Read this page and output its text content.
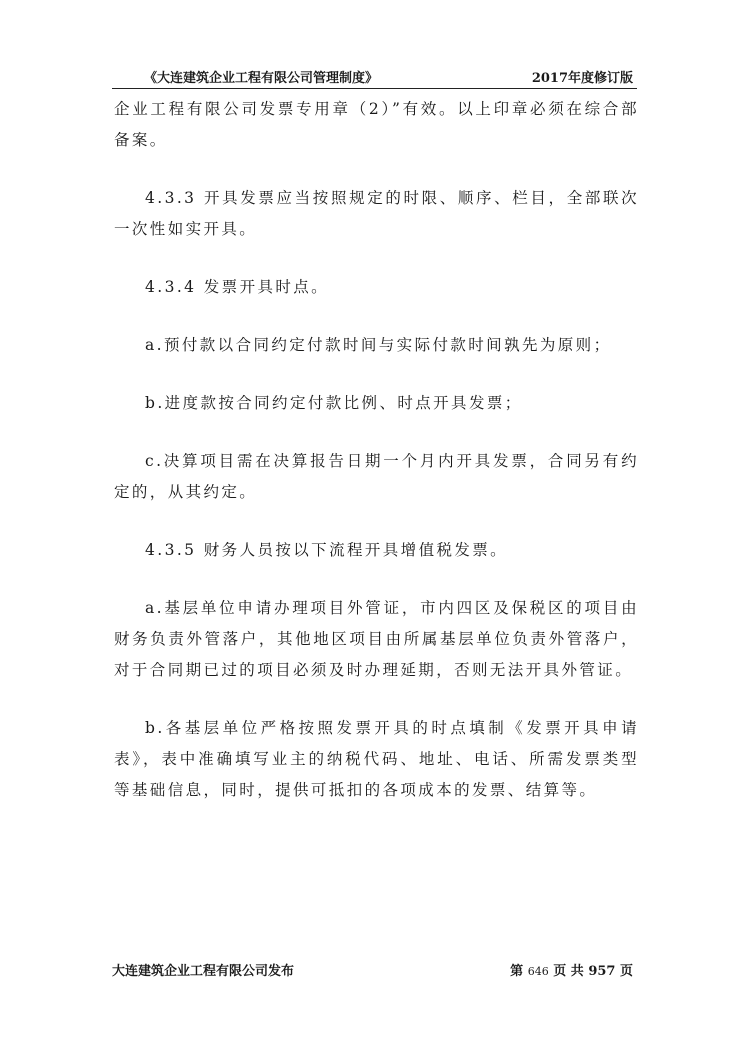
《大连建筑企业工程有限公司管理制度》	2017年度修订版

企业工程有限公司发票专用章（2）”有效。以上印章必须在综合部备案。

4.3.3 开具发票应当按照规定的时限、顺序、栏目，全部联次一次性如实开具。

4.3.4 发票开具时点。

a.预付款以合同约定付款时间与实际付款时间孰先为原则；

b.进度款按合同约定付款比例、时点开具发票；

c.决算项目需在决算报告日期一个月内开具发票，合同另有约定的，从其约定。

4.3.5 财务人员按以下流程开具增值税发票。

a.基层单位申请办理项目外管证，市内四区及保税区的项目由财务负责外管落户，其他地区项目由所属基层单位负责外管落户，对于合同期已过的项目必须及时办理延期，否则无法开具外管证。

b.各基层单位严格按照发票开具的时点填制《发票开具申请表》，表中准确填写业主的纳税代码、地址、电话、所需发票类型等基础信息，同时，提供可抵扣的各项成本的发票、结算等。

大连建筑企业工程有限公司发布	第 646 页 共 957 页
